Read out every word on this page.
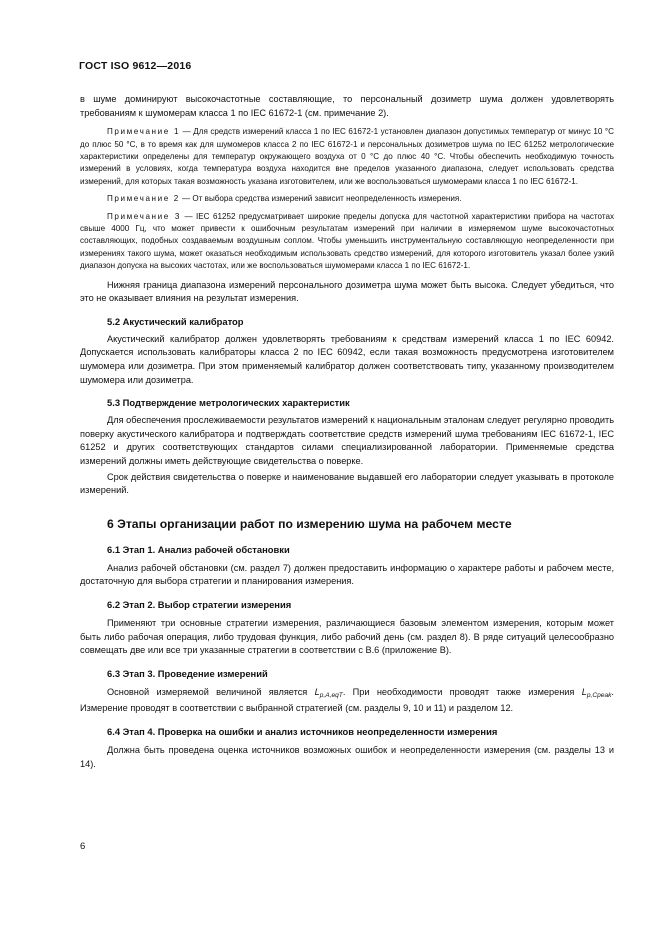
ГОСТ ISO 9612—2016

в шуме доминируют высокочастотные составляющие, то персональный дозиметр шума должен удовлетворять требованиям к шумомерам класса 1 по IEC 61672-1 (см. примечание 2).

Примечание 1 — Для средств измерений класса 1 по IEC 61672-1 установлен диапазон допустимых температур от минус 10 °C до плюс 50 °C, в то время как для шумомеров класса 2 по IEC 61672-1 и персональных дозиметров шума по IEC 61252 метрологические характеристики определены для температур окружающего воздуха от 0 °C до плюс 40 °C. Чтобы обеспечить необходимую точность измерений в условиях, когда температура воздуха находится вне пределов указанного диапазона, следует использовать средства измерений, для которых такая возможность указана изготовителем, или же воспользоваться шумомерами класса 1 по IEC 61672-1.

Примечание 2 — От выбора средства измерений зависит неопределенность измерения.

Примечание 3 — IEC 61252 предусматривает широкие пределы допуска для частотной характеристики прибора на частотах свыше 4000 Гц, что может привести к ошибочным результатам измерений при наличии в измеряемом шуме высокочастотных составляющих, подобных создаваемым воздушным соплом. Чтобы уменьшить инструментальную составляющую неопределенности при измерениях такого шума, может оказаться необходимым использовать средство измерений, для которого изготовитель указал более узкий диапазон допуска на высоких частотах, или же воспользоваться шумомерами класса 1 по IEC 61672-1.

Нижняя граница диапазона измерений персонального дозиметра шума может быть высока. Следует убедиться, что это не оказывает влияния на результат измерения.

5.2 Акустический калибратор

Акустический калибратор должен удовлетворять требованиям к средствам измерений класса 1 по IEC 60942. Допускается использовать калибраторы класса 2 по IEC 60942, если такая возможность предусмотрена изготовителем шумомера или дозиметра. При этом применяемый калибратор должен соответствовать типу, указанному производителем шумомера или дозиметра.

5.3 Подтверждение метрологических характеристик

Для обеспечения прослеживаемости результатов измерений к национальным эталонам следует регулярно проводить поверку акустического калибратора и подтверждать соответствие средств измерений шума требованиям IEC 61672-1, IEC 61252 и других соответствующих стандартов силами специализированной лаборатории. Применяемые средства измерений должны иметь действующие свидетельства о поверке.

Срок действия свидетельства о поверке и наименование выдавшей его лаборатории следует указывать в протоколе измерений.

6 Этапы организации работ по измерению шума на рабочем месте
6.1 Этап 1. Анализ рабочей обстановки

Анализ рабочей обстановки (см. раздел 7) должен предоставить информацию о характере работы и рабочем месте, достаточную для выбора стратегии и планирования измерения.

6.2 Этап 2. Выбор стратегии измерения

Применяют три основные стратегии измерения, различающиеся базовым элементом измерения, которым может быть либо рабочая операция, либо трудовая функция, либо рабочий день (см. раздел 8). В ряде ситуаций целесообразно совмещать две или все три указанные стратегии в соответствии с B.6 (приложение B).

6.3 Этап 3. Проведение измерений

Основной измеряемой величиной является $L_{p,A,eqT}$. При необходимости проводят также измерения $L_{p,Cpeak}$. Измерение проводят в соответствии с выбранной стратегией (см. разделы 9, 10 и 11) и разделом 12.

6.4 Этап 4. Проверка на ошибки и анализ источников неопределенности измерения

Должна быть проведена оценка источников возможных ошибок и неопределенности измерения (см. разделы 13 и 14).

6
